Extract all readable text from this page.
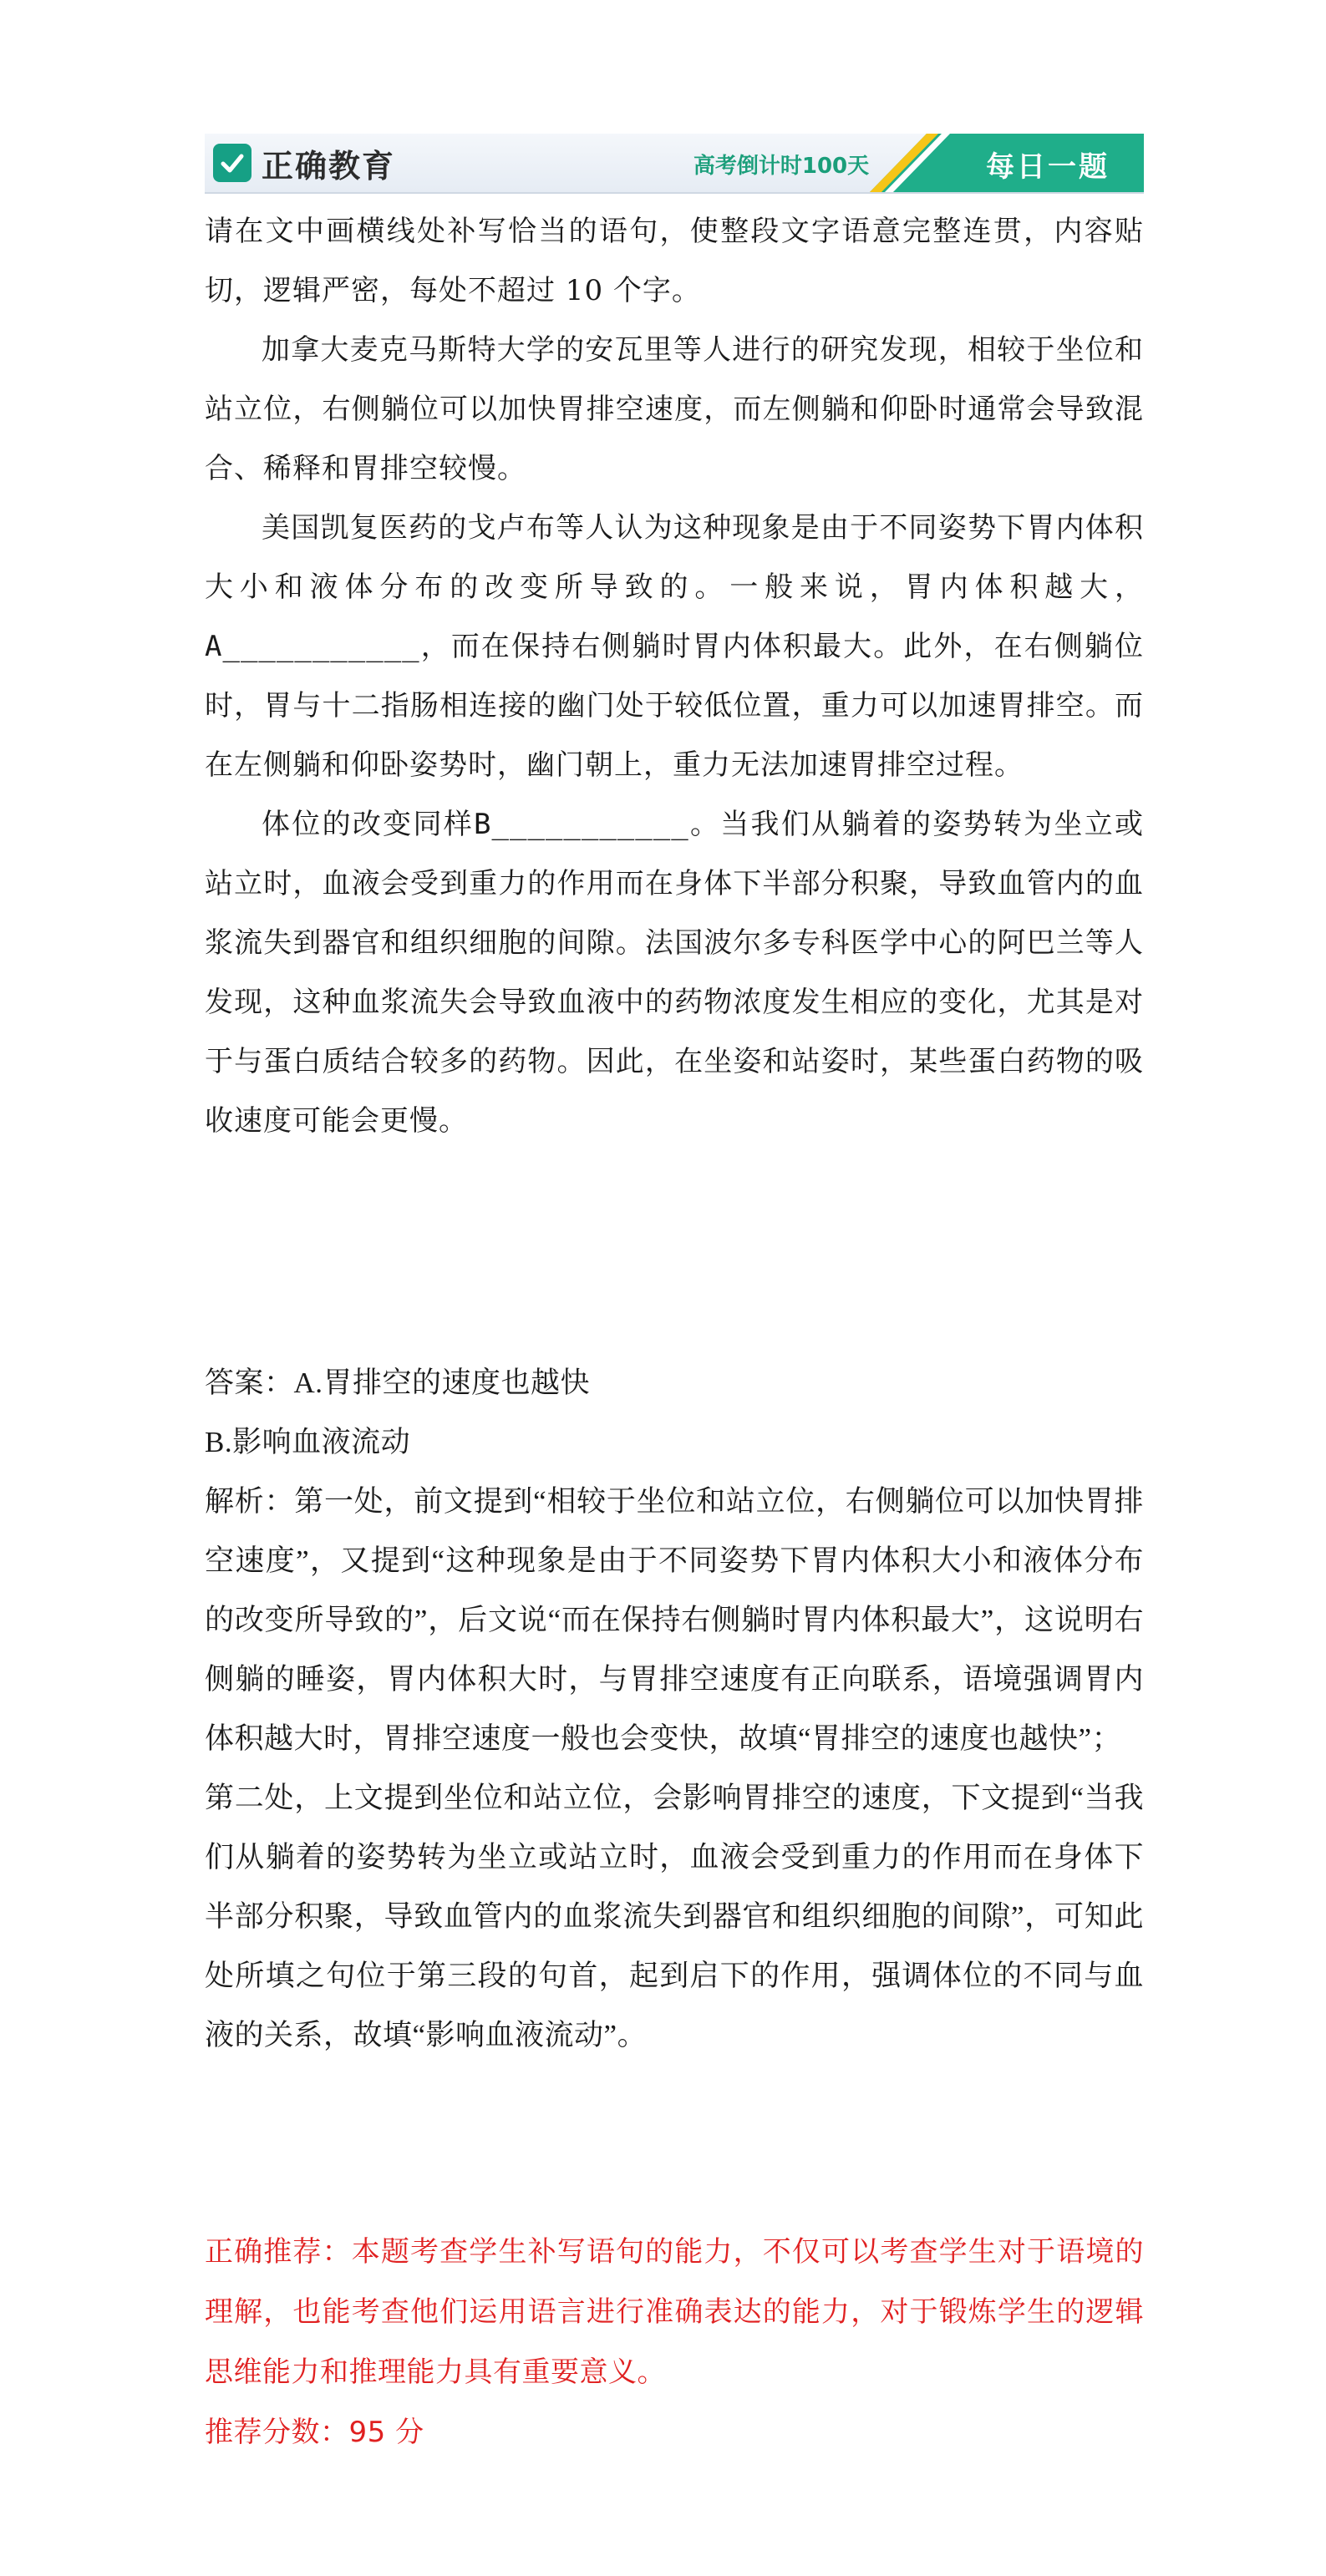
正确教育	高考倒计时100天	每日一题

请在文中画横线处补写恰当的语句，使整段文字语意完整连贯，内容贴切，逻辑严密，每处不超过 10 个字。

加拿大麦克马斯特大学的安瓦里等人进行的研究发现，相较于坐位和站立位，右侧躺位可以加快胃排空速度，而左侧躺和仰卧时通常会导致混合、稀释和胃排空较慢。

美国凯复医药的戈卢布等人认为这种现象是由于不同姿势下胃内体积大小和液体分布的改变所导致的。一般来说，胃内体积越大，A___________，而在保持右侧躺时胃内体积最大。此外，在右侧躺位时，胃与十二指肠相连接的幽门处于较低位置，重力可以加速胃排空。而在左侧躺和仰卧姿势时，幽门朝上，重力无法加速胃排空过程。

体位的改变同样B___________。当我们从躺着的姿势转为坐立或站立时，血液会受到重力的作用而在身体下半部分积聚，导致血管内的血浆流失到器官和组织细胞的间隙。法国波尔多专科医学中心的阿巴兰等人发现，这种血浆流失会导致血液中的药物浓度发生相应的变化，尤其是对于与蛋白质结合较多的药物。因此，在坐姿和站姿时，某些蛋白药物的吸收速度可能会更慢。

答案：A.胃排空的速度也越快

B.影响血液流动

解析：第一处，前文提到“相较于坐位和站立位，右侧躺位可以加快胃排空速度”，又提到“这种现象是由于不同姿势下胃内体积大小和液体分布的改变所导致的”，后文说“而在保持右侧躺时胃内体积最大”，这说明右侧躺的睡姿，胃内体积大时，与胃排空速度有正向联系，语境强调胃内体积越大时，胃排空速度一般也会变快，故填“胃排空的速度也越快”；

第二处，上文提到坐位和站立位，会影响胃排空的速度，下文提到“当我们从躺着的姿势转为坐立或站立时，血液会受到重力的作用而在身体下半部分积聚，导致血管内的血浆流失到器官和组织细胞的间隙”，可知此处所填之句位于第三段的句首，起到启下的作用，强调体位的不同与血液的关系，故填“影响血液流动”。

正确推荐：本题考查学生补写语句的能力，不仅可以考查学生对于语境的理解，也能考查他们运用语言进行准确表达的能力，对于锻炼学生的逻辑思维能力和推理能力具有重要意义。

推荐分数：95 分
